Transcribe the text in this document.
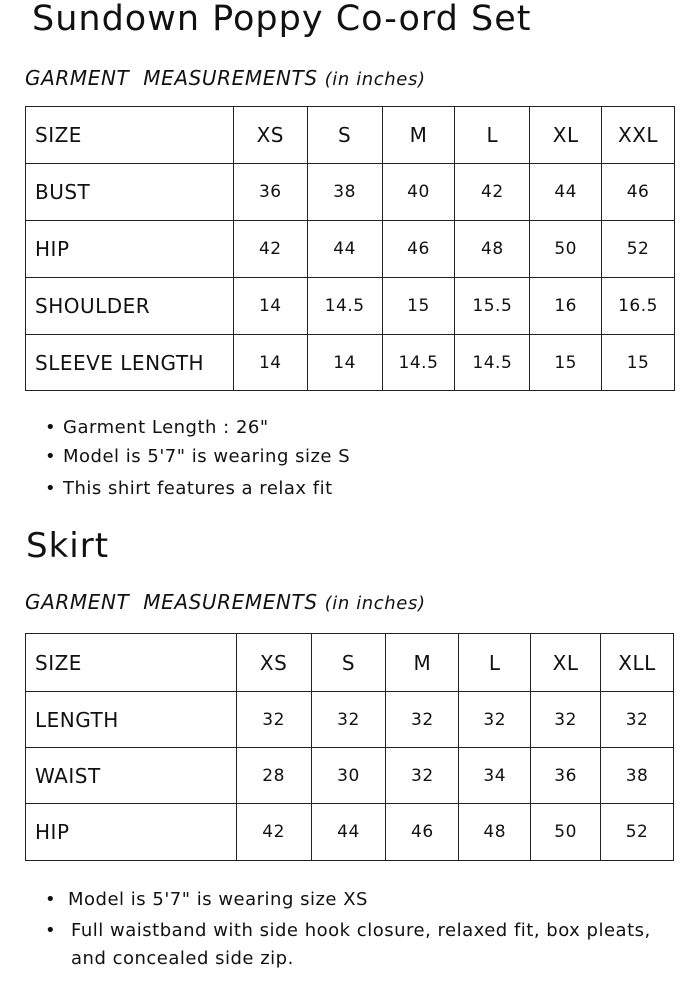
Sundown Poppy Co-ord Set
GARMENT  MEASUREMENTS (in inches)
SIZE	XS	S	M	L	XL	XXL
BUST	36	38	40	42	44	46
HIP	42	44	46	48	50	52
SHOULDER	14	14.5	15	15.5	16	16.5
SLEEVE LENGTH	14	14	14.5	14.5	15	15
• Garment Length : 26"
• Model is 5'7" is wearing size S
• This shirt features a relax fit
Skirt
GARMENT  MEASUREMENTS (in inches)
SIZE	XS	S	M	L	XL	XLL
LENGTH	32	32	32	32	32	32
WAIST	28	30	32	34	36	38
HIP	42	44	46	48	50	52
• Model is 5'7" is wearing size XS
• Full waistband with side hook closure, relaxed fit, box pleats, and concealed side zip.
